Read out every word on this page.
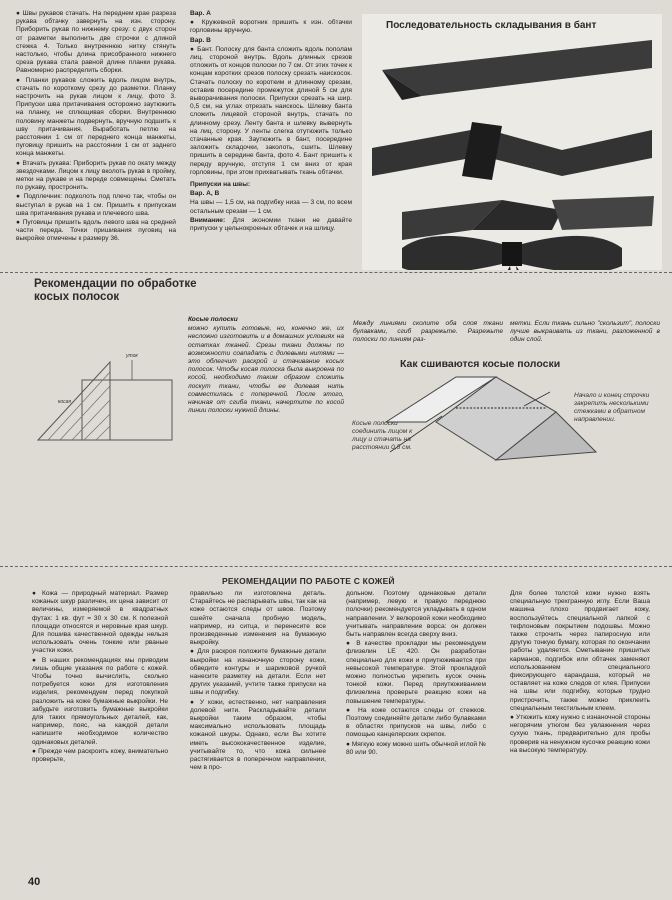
● Швы рукавов стачать. На переднем крае разреза рукава обтачку завернуть на изн. сторону. Приборить рукав по нижнему срезу: с двух сторон от разметки выполнить две строчки с длиной стежка 4. Только внутреннюю нитку стянуть настолько, чтобы длина присобранного нижнего среза рукава стала равной длине планки рукава. Равномерно распределить сборки.

● Планки рукавов сложить вдоль лицом внутрь, стачать по короткому срезу до разметки. Планку настрочить на рукав лицом к лицу, фото 3. Припуски шва притачивания осторожно заутюжить на планку, не сплющивая сборки. Внутреннюю половину манжеты подвернуть, вручную подшить к шву притачивания. Выработать петлю на расстоянии 1 см от переднего конца манжеты, пуговицу пришить на расстоянии 1 см от заднего конца манжеты.

● Втачать рукава: Приборить рукав по окату между звездочками. Лицом к лицу вколоть рукав в пройму, метки на рукаве и на переде совмещены. Сметать по рукаву, простронить.

● Подплечник: подколоть под плечо так, чтобы он выступал в рукав на 1 см. Пришить к припускам шва притачивания рукава и плечевого шва.

● Пуговицы пришить вдоль левого шва на средней части переда. Точки пришивания пуговиц на выкройке отмечены к размеру 36.

Вар. А

● Кружевной воротник пришить к изн. обтачки горловины вручную.

Вар. В

● Бант. Полоску для банта сложить вдоль пополам лиц. стороной внутрь. Вдоль длинных срезов отложить от концов полоски по 7 см. От этих точек к концам коротких срезов полоску срезать наискосок. Стачать полоску по коротким и длинному срезам, оставив посередине промежуток длиной 5 см для выворачивания полоски. Припуски срезать на шир. 0,5 см, на углах отрезать наискось. Шлевку банта сложить лицевой стороной внутрь, стачать по длинному срезу. Ленту банта и шлевку вывернуть на лиц. сторону. У ленты слегка отутюжить только стачанные края. Заутюжить в бант, посередине заложить складочки, заколоть, сшить. Шлевку пришить в середине банта, фото 4. Бант пришить к переду вручную, отступя 1 см вниз от края горловины, при этом прихватывать ткань обтачки.

Припуски на швы:

Вар. А, В

На швы — 1,5 см, на подгибку низа — 3 см, по всем остальным срезам — 1 см.

Внимание: Для экономии ткани не давайте припуски у цельнокроеных обтачек и на шлицу.

Последовательность складывания в бант
Рекомендации по обработке косых полосок
уток
косая

Косые полоски

можно купить готовые, но, конечно же, их несложно изготовить и в домашних условиях на остатках тканей. Срезы ткани должны по возможности совпадать с долевыми нитями — это облегчит раскрой и стачивание косых полосок. Чтобы косая полоска была выкроена по косой, необходимо таким образом сложить лоскут ткани, чтобы ее долевая нить совместилась с поперечной. После этого, начиная от сгиба ткани, начертите по косой линии полоски нужной длины.

Между линиями сколите оба слоя ткани булавками, сгиб разрежьте. Разрежьте полоски по линиям раз-

метки. Если ткань сильно "скользит", полоски лучше выкраивать из ткани, разложенной в один слой.

Как сшиваются косые полоски
Косые полоски соединить лицом к лицу и стачать на расстоянии 0,5 см.
Начало и конец строчки закрепить несколькими стежками в обратном направлении.
РЕКОМЕНДАЦИИ ПО РАБОТЕ С КОЖЕЙ

● Кожа — природный материал. Размер кожаных шкур различен, их цена зависит от величины, измеряемой в квадратных футах: 1 кв. фут = 30 х 30 см. К полезной площади относятся и неровные края шкур. Для пошива качественной одежды нельзя использовать очень тонкие или рваные участки кожи.

● В наших рекомендациях мы приводим лишь общие указания по работе с кожей. Чтобы точно вычислить, сколько потребуется кожи для изготовления изделия, рекомендуем перед покупкой разложить на коже бумажные выкройки. Не забудьте изготовить бумажные выкройки для таких прямоугольных деталей, как, например, пояс, на каждой детали напишите необходимое количество одинаковых деталей.

● Прежде чем раскроить кожу, внимательно проверьте,

правильно ли изготовлена деталь. Старайтесь не распарывать швы, так как на коже остаются следы от швов. Поэтому сшейте сначала пробную модель, например, из ситца, и перенесите все произведенные изменения на бумажную выкройку.

● Для раскроя положите бумажные детали выкройки на изнаночную сторону кожи, обведите контуры и шариковой ручкой нанесите разметку на детали. Если нет других указаний, учтите также припуски на швы и подгибку.

● У кожи, естественно, нет направления долевой нити. Раскладывайте детали выкройки таким образом, чтобы максимально использовать площадь кожаной шкуры. Однако, если Вы хотите иметь высококачественное изделие, учитывайте то, что кожа сильнее растягивается в поперечном направлении, чем в про-

дольном. Поэтому одинаковые детали (например, левую и правую переднюю полочки) рекомендуется укладывать в одном направлении. У велюровой кожи необходимо учитывать направление ворса: он должен быть направлен всегда сверху вниз.

● В качестве прокладки мы рекомендуем флизелин LE 420. Он разработан специально для кожи и приутюживается при невысокой температуре. Этой прокладкой можно полностью укрепить кусок очень тонкой кожи. Перед приутюживанием флизелина проверьте реакцию кожи на повышение температуры.

● На коже остаются следы от стежков. Поэтому соединяйте детали либо булавками в областях припусков на швы, либо с помощью канцелярских скрепок.

● Мягкую кожу можно шить обычной иглой № 80 или 90.

Для более толстой кожи нужно взять специальную трехгранную иглу. Если Ваша машина плохо продвигает кожу, воспользуйтесь специальной лапкой с тефлоновым покрытием подошвы. Можно также строчить через папиросную или другую тонкую бумагу, которая по окончании работы удаляется. Сметывание пришитых карманов, подгибок или обтачек заменяют использованием специального фиксирующего карандаша, который не оставляет на коже следов от клея. Припуски на швы или подгибку, которые трудно пристрочить, также можно приклеить специальным текстильным клеем.

● Утюжить кожу нужно с изнаночной стороны негорячим утюгом без увлажнения через сухую ткань, предварительно для пробы проверив на ненужном кусочке реакцию кожи на высокую температуру.

40
